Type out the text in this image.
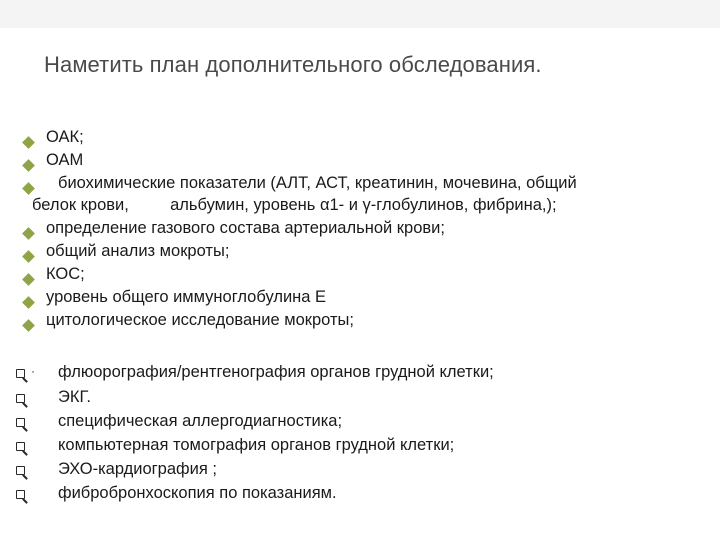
Наметить план дополнительного обследования.
ОАК;
ОАМ
биохимические показатели (АЛТ, АСТ, креатинин, мочевина, общий
белок крови,         альбумин, уровень α1- и γ-глобулинов, фибрина,);
определение газового состава артериальной крови;
общий анализ мокроты;
КОС;
уровень общего иммуноглобулина Е
цитологическое исследование мокроты;
· флюорография/рентгенография органов грудной клетки;
ЭКГ.
специфическая аллергодиагностика;
компьютерная томография органов грудной клетки;
ЭХО-кардиография ;
фибробронхоскопия по показаниям.
